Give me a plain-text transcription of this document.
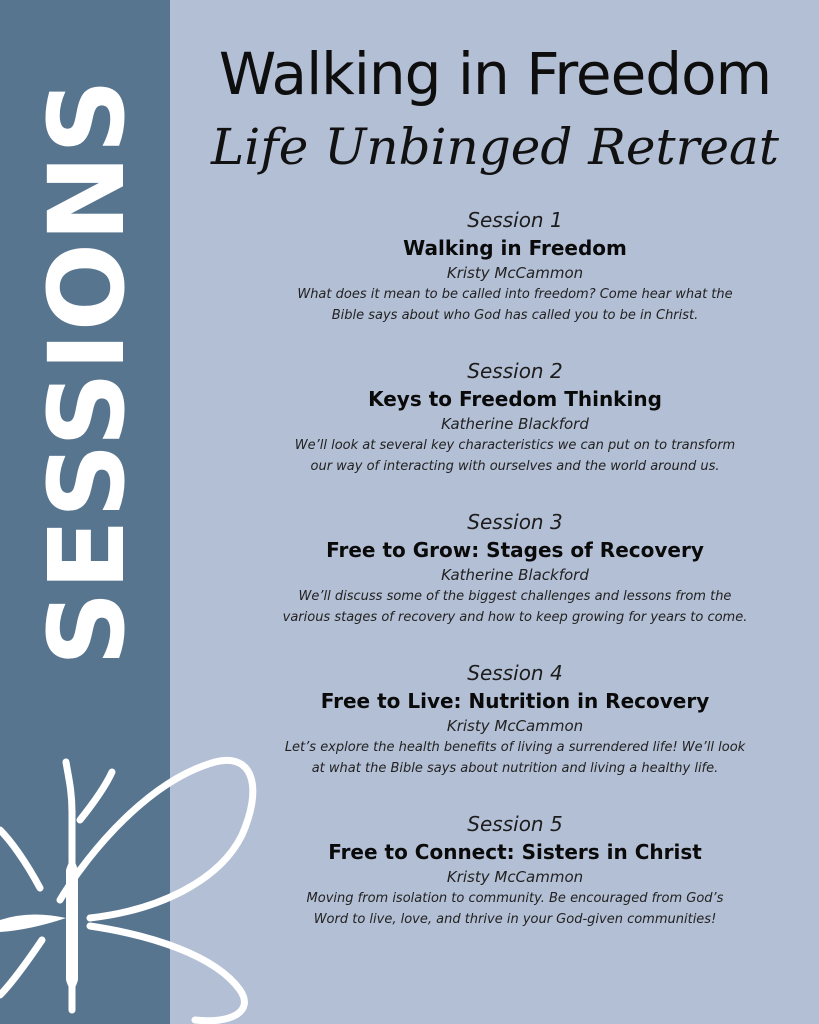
SESSIONS
Walking in Freedom
Life Unbinged Retreat
Session 1
Walking in Freedom
Kristy McCammon
What does it mean to be called into freedom? Come hear what the
Bible says about who God has called you to be in Christ.
Session 2
Keys to Freedom Thinking
Katherine Blackford
We’ll look at several key characteristics we can put on to transform
our way of interacting with ourselves and the world around us.
Session 3
Free to Grow: Stages of Recovery
Katherine Blackford
We’ll discuss some of the biggest challenges and lessons from the
various stages of recovery and how to keep growing for years to come.
Session 4
Free to Live: Nutrition in Recovery
Kristy McCammon
Let’s explore the health benefits of living a surrendered life! We’ll look
at what the Bible says about nutrition and living a healthy life.
Session 5
Free to Connect: Sisters in Christ
Kristy McCammon
Moving from isolation to community. Be encouraged from God’s
Word to live, love, and thrive in your God-given communities!
